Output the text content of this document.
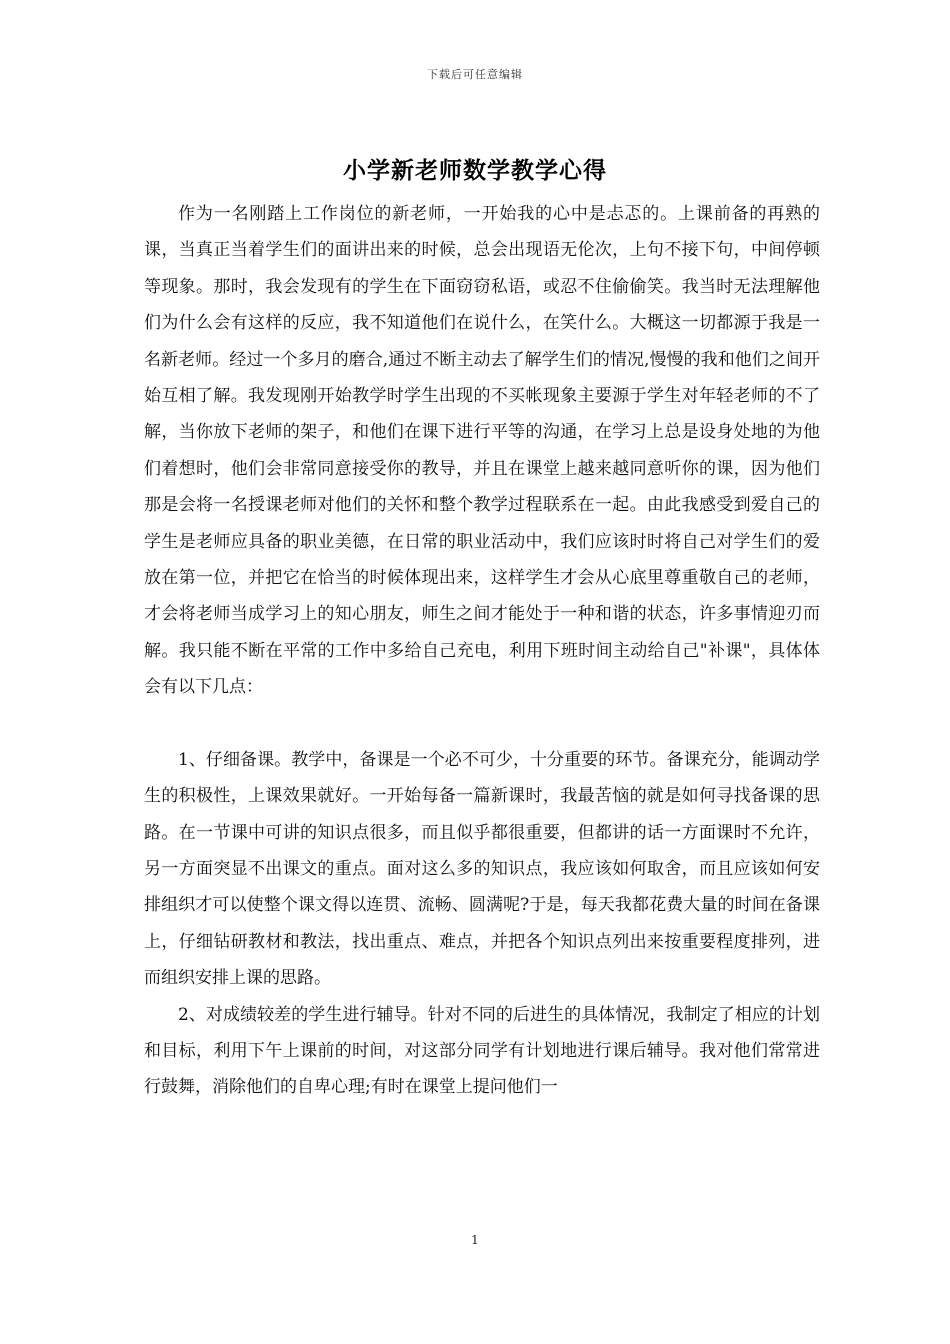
下载后可任意编辑
小学新老师数学教学心得

作为一名刚踏上工作岗位的新老师，一开始我的心中是忐忑的。上课前备的再熟的课，当真正当着学生们的面讲出来的时候，总会出现语无伦次，上句不接下句，中间停顿等现象。那时，我会发现有的学生在下面窃窃私语，或忍不住偷偷笑。我当时无法理解他们为什么会有这样的反应，我不知道他们在说什么，在笑什么。大概这一切都源于我是一名新老师。经过一个多月的磨合,通过不断主动去了解学生们的情况,慢慢的我和他们之间开始互相了解。我发现刚开始教学时学生出现的不买帐现象主要源于学生对年轻老师的不了解，当你放下老师的架子，和他们在课下进行平等的沟通，在学习上总是设身处地的为他们着想时，他们会非常同意接受你的教导，并且在课堂上越来越同意听你的课，因为他们那是会将一名授课老师对他们的关怀和整个教学过程联系在一起。由此我感受到爱自己的学生是老师应具备的职业美德，在日常的职业活动中，我们应该时时将自己对学生们的爱放在第一位，并把它在恰当的时候体现出来，这样学生才会从心底里尊重敬自己的老师，才会将老师当成学习上的知心朋友，师生之间才能处于一种和谐的状态，许多事情迎刃而解。我只能不断在平常的工作中多给自己充电，利用下班时间主动给自己"补课"，具体体会有以下几点：

1、仔细备课。教学中，备课是一个必不可少，十分重要的环节。备课充分，能调动学生的积极性，上课效果就好。一开始每备一篇新课时，我最苦恼的就是如何寻找备课的思路。在一节课中可讲的知识点很多，而且似乎都很重要，但都讲的话一方面课时不允许，另一方面突显不出课文的重点。面对这么多的知识点，我应该如何取舍，而且应该如何安排组织才可以使整个课文得以连贯、流畅、圆满呢?于是，每天我都花费大量的时间在备课上，仔细钻研教材和教法，找出重点、难点，并把各个知识点列出来按重要程度排列，进而组织安排上课的思路。

2、对成绩较差的学生进行辅导。针对不同的后进生的具体情况，我制定了相应的计划和目标，利用下午上课前的时间，对这部分同学有计划地进行课后辅导。我对他们常常进行鼓舞，消除他们的自卑心理;有时在课堂上提问他们一

1
